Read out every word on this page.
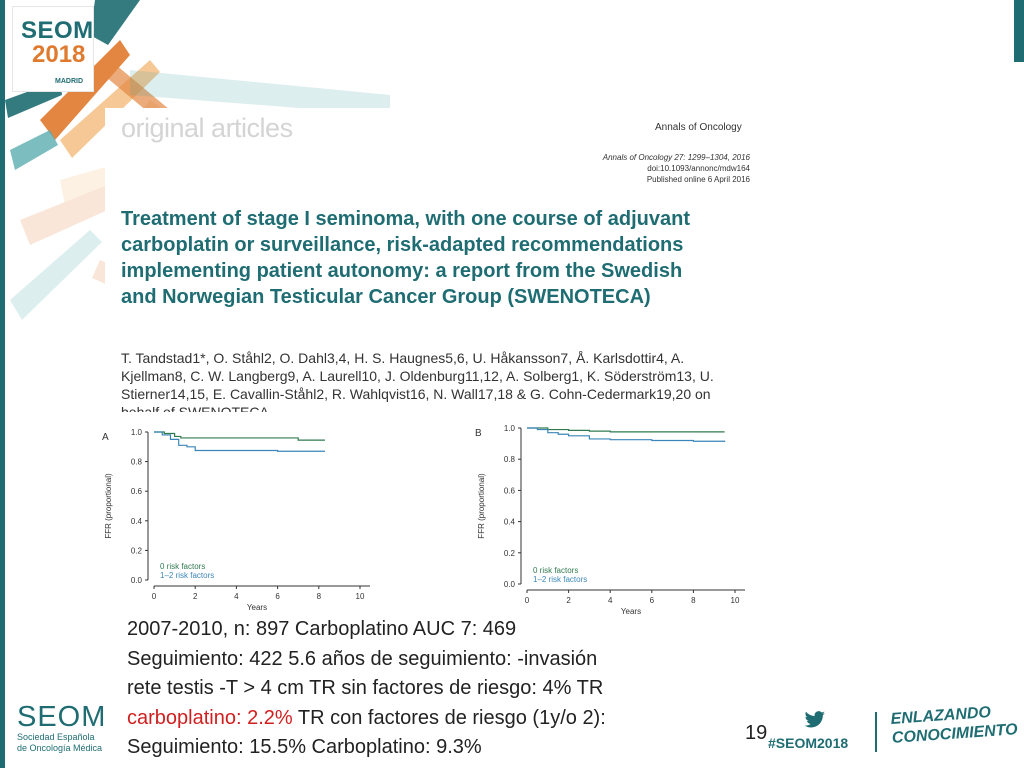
SEOM
2018
MADRID
original articles	Annals of Oncology
Annals of Oncology 27: 1299–1304, 2016
doi:10.1093/annonc/mdw164
Published online 6 April 2016

Treatment of stage I seminoma, with one course of adjuvant carboplatin or surveillance, risk-adapted recommendations implementing patient autonomy: a report from the Swedish and Norwegian Testicular Cancer Group (SWENOTECA)

T. Tandstad1*, O. Ståhl2, O. Dahl3,4, H. S. Haugnes5,6, U. Håkansson7, Å. Karlsdottir4, A. Kjellman8, C. W. Langberg9, A. Laurell10, J. Oldenburg11,12, A. Solberg1, K. Söderström13, U. Stierner14,15, E. Cavallin-Ståhl2, R. Wahlqvist16, N. Wall17,18 & G. Cohn-Cedermark19,20 on

A
0.0
0.2
0.4
0.6
0.8
1.0
0	2	4	6	8	10
Years
FFR (proportional)
0 risk factors
1–2 risk factors
B
0.0
0.2
0.4
0.6
0.8
1.0
0	2	4	6	8	10
Years
FFR (proportional)
0 risk factors
1–2 risk factors
2007-2010, n: 897 Carboplatino AUC 7: 469
Seguimiento: 422 5.6 años de seguimiento: -invasión
rete testis -T > 4 cm TR sin factores de riesgo: 4% TR
carboplatino: 2.2% TR con factores de riesgo (1y/o 2):
Seguimiento: 15.5% Carboplatino: 9.3%
SEOM
Sociedad Española
de Oncología Médica
19 #SEOM2018
ENLAZANDO
CONOCIMIENTO
